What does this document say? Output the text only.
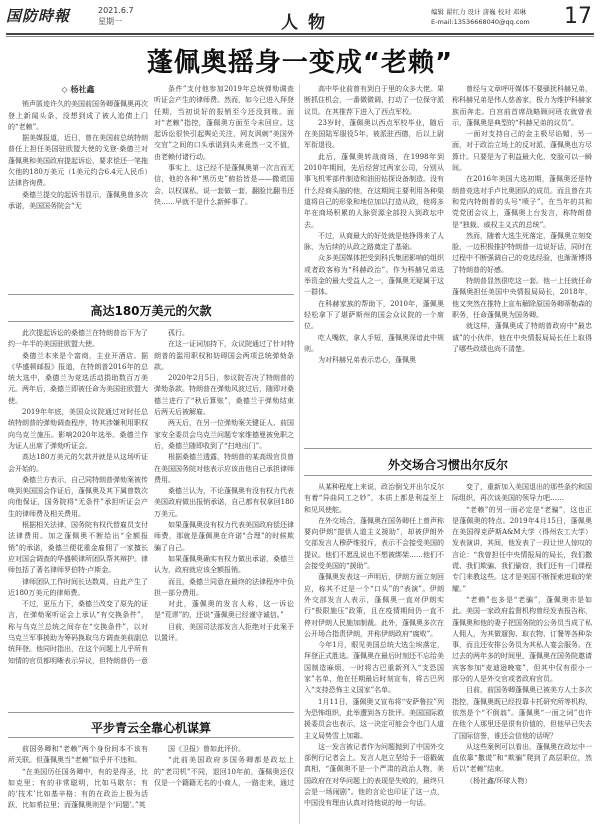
国防時報	2021.6.7
星期一	人物
编辑 翟红力 设计 唐巍 校对 邓琳
E-mail:13536668040@qq.com 17
蓬佩奥摇身一变成“老赖”

◇ 杨社鑫

销声匿迹许久的美国前国务卿蓬佩奥再次登上新闻头条，没想到成了被人追债上门的“老赖”。

据美媒报道，近日，曾在美国前总统特朗普任上担任美国驻欧盟大使的戈登·桑德兰对蓬佩奥和美国政府提起诉讼，要求偿还一笔拖欠他的180万美元（1美元约合6.4元人民币）法律咨询费。

桑德兰提交的起诉书显示，蓬佩奥曾多次承诺，美国国务院会“无

条件”支付他参加2019年总统弹劾调查听证会产生的律师费。然而，如今已进入拜登任期，当初说好的报销至今还没到账。面对“老赖”指控，蓬佩奥方面至今未回应。这起诉讼很快引起舆论关注，网友讽刺“美国外交官”之间的口头承诺到头来竟然一文不值，由老赖付诸行动。

事实上，这已经不是蓬佩奥第一次言而无信，他的各种“黑历史”俯拾皆是——撒谎国会，以权谋私，说一套做一套，翻脸比翻书还快……早就不是什么新鲜事了。

高达180万美元的欠款

此次提起诉讼的桑德兰在特朗普治下为了约一年半的美国驻欧盟大使。

桑德兰本来是个富商，主业开酒店。据《华盛顿邮报》报道，在特朗普2016年的总统大选中，桑德兰为竞选活动捐助数百万美元。两年后，桑德兰即被任命为美国驻欧盟大使。

2019年年底，美国众议院通过对时任总统特朗普的弹劾调查程序，特其涉嫌利用职权向乌克兰施压。影响2020年选举。桑德兰作为证人出席了弹劾听证会。

高达180万美元的欠款并就是从这场听证会开始的。

桑德兰方表示，自己同特朗普弹劾案被传唤到美国国会作证后，蓬佩奥及其下属曾数次向他保证，国务院将“无条件”承担听证会产生的律师费及相关费用。

根据相关法律，国务院有权代替雇员支付法律费用。加之蓬佩奥不断给出“全额报销”的承诺，桑德兰便花重金雇佣了一家擅长应对国会调查的华盛顿律所团队帮其辩护。律师包括了著名律师罗伯特·卢斯金。

律师团队工作时间长达数周，自此产生了近180万美元的律师费。

不过，更压力下，桑德兰改变了原先的证言，在弹劾案听证会上承认“有交换条件”，称与乌克兰总统之间存在“交换条件”，以对乌克兰军事援助为筹码换取乌方调查美前副总统拜登。他同时指出，在这个问题上儿乎所有知情的官员都明晰表示异议，但特朗普仍一意

孤行。

在这一证词加持下，众议院通过了针对特朗普的滥用职权和妨碍国会两项总统弹劾条款。

2020年2月5日，参议院否决了特朗普的弹劾条款。特朗普在弹劾风波过后，随即对桑德兰进行了“秋后算账”，桑德兰于弹劾结束后两天后被解雇。

两天后，在另一位弹劾案关键证人、前国家安全委员会乌克兰问题专家维德曼被免职之后，桑德兰随即收到了“扫地出门”。

根据桑德兰透露，特朗普的某高级官员曾在美国国务院对他表示应该由他自己承担律师费用。

桑德兰认为，不论蓬佩奥有没有权力代表美国政府做出报销承诺，自己都有权拿回180万美元。

如果蓬佩奥没有权力代表美国政府偿还律师费，那就是蓬佩奥在许诺“合理”的时候欺骗了自己。

如果蓬佩奥确实有权力做出承诺，桑德兰认为，政府就应该全额报销。

而且，桑德兰同意在最终的法律程序中负担一部分费用。

对此，蓬佩奥的发言人称，这一诉讼是“荒谬”的，还说“蓬佩奥已经谨守诚信。”

目前，美国司法部发言人拒绝对于此案予以置评。

平步青云全靠心机谋算

前国务卿和“老赖”两个身份间本不该有所关联。但蓬佩奥当“老赖”似乎并不违和。

“在美国历任国务卿中，有的是得圣，比如克里；有的非常聪明，比如马歇尔；有的‘技术’比如基辛格；有的在政治上极为活跃，比如希拉里；而蓬佩奥则是个‘问题’。”英

国《卫报》曾如此评价。

“此前美国政府多国务卿都是政坛上的“老司机”不同，退回10年前，蓬佩奥还仅仅是一个籍籍无名的小商人，一路走来，通过

高中毕业前曾有到白于里的众多大佬。果断抓住机会，一番微微调，打动了一位保守派议员。在其推荐下进入了西点军校。

23岁时，蓬佩奥以西点军校毕业，随后在美国陆军服役5年。被派驻西德，后以上尉军衔退役。

此后，蓬佩奥转战商场，在1998年到2010年期间，先后经营过两家公司，分别从事飞机零部件制造和油田钻探设备制造。没有什么经商头脑的他，在这期间主要利用各种渠道将自己的形象和地位加以打造从政，他将多年在商场积累的人脉资源全部投入到政坛中去。

不过，从商最大的好处就是他挣得来了人脉，为后续的从政之路奠定了基础。

众多美国媒体把受到科氏集团影响的组织或者政客称为“科赫政治”。作为科赫兄弟选举资金的最大受益人之一，蓬佩奥无疑属于这一群体。

在科赫家族的帮助下，2010年，蓬佩奥轻松拿下了堪萨斯州的国会众议院的一个席位。

吃人嘴软，拿人手短，蓬佩奥深谙此中规则。

为对科赫兄弟表示忠心，蓬佩奥

曾经与文章呼吁媒体不要骚扰科赫兄弟，称科赫兄弟是伟人慈善家，极力为维护科赫家族而奔走。白宫前首席战略顾问班农就曾表示，蓬佩奥是典型的“科赫兄弟的议员”。

一面对支持自己的金主极尽谄媚，另一面，对于政治立场上的反对派，蓬佩奥也方尽算计。只要是为了利益最大化，变脸可以一瞬间。

在2016年美国大选初期，蓬佩奥还是特朗普竞选对手卢比奥团队的成员。而且曾在共和党内特朗普的头号“喷子”。在当年的共和党党团会议上，蓬佩奥上台发言，称特朗普是“独裁、威权主义式的总统”。

然而，随着大选生死落定，蓬佩奥立刻变脸，一边积极推护特朗普一边说好话，同时在过程中不断强调自己的竞选经验，也渐渐博得了特朗普的好感。

特朗普显然很吃这一套。他一上任就任命蓬佩奥担任美国中央情报局局长，2018年，他又突然在推特上宣布解除原国务卿蒂勒森的职务，任命蓬佩奥为国务卿。

就这样，蓬佩奥成了特朗普政府中“最忠诚”的小伙伴，他在中央情报局局长任上取得了哪些政绩也尚不清楚。

外交场合习惯出尔反尔

从某种程度上来说，政治倒戈并出尔反尔有着“异曲同工之妙”，本质上都是利益至上和见风使舵。

在外交场合，蓬佩奥在国务卿任上曾声称要向伊朗“提供人道主义援助”，却被伊朗外交部发言人穆萨维驳斥，表示不会接受美国的提议。他们不愿乱说也不想被绑架……他们不会接受美国的“援助”。

蓬佩奥发表这一声明后，伊朗方面立刻回应，称其不过是一个“口头”的“表演”。伊朗外交部发言人表示，蓬佩奥一直对伊朗实行“极限施压”政策，且在疫情期间仍一直不停对伊朗人民施加制裁。此外，蓬佩奥多次在公开场合指责伊朗，并称伊朗政府“腐败”。

今年1月，眼见美国总统大选尘埃落定，拜登正式胜选。蓬佩奥在最后时刻还不忘给美国制造麻烦，一时将古巴重新列入“支恐国家”名单，他在任期最后时刻宣布，将古巴列入“支持恐怖主义国家”名单。

1月11日，蓬佩奥又宣布将“安萨鲁拉”列为恐怖组织，此举遭到各方批评。美国国际救援委员会也表示，这一决定可能会令也门人道主义局势雪上加霜。

这一发言被记者作为问题抛到了中国外交部例行记者会上。发言人赵立坚给予一语戳破真相，“蓬佩奥不是一个严肃的政治人物，美国政府在对华问题上的表现是失败的，最终只会是一场闹剧”。他的言论也印证了这一点，中国没有理由认真对待他说的每一句话。

变了，重新加入美国退出的那些条约和国际组织，再次谈美国的领导力吧……

“老赖”的另一面必定是“老骗”，这也正是蓬佩奥的特点。2019年4月15日，蓬佩奥在美国得克萨斯A&M大学（得州农工大学）发表演讲，其间，他发表了一段让世人惊叹的言论：“我曾担任中央情报局的局长，我们撒谎、我们欺骗、我们偷窃，我们还有一门课程专门来教这些。这才是美国不断探索进取的荣耀。”

“老赖”也多是“老骗”，蓬佩奥亦是如此。美国一家政府监督机构曾经发表报告称，蓬佩奥和他的妻子把国务院的公务员当成了私人佣人，为其做遛狗、取衣物、订餐等各种杂事，而且还安排公务员为其私人宴会服务。在过去的两年多的时间里，蓬佩奥在国务院邀请宾客参加“麦迪逊晚宴”，但其中仅有很小一部分的人是外交官或者政府官员。

目前，前国务卿蓬佩奥已被美方人士多次指控，蓬佩奥既已经投靠卡托研究所等机构，依然是个“不倒翁”。蓬佩奥“一面之词”也许在他个人那里还是很有价值的，但他早已失去了国际信誉，谁还会信他的话呢？

从这些案例可以看出，蓬佩奥在政坛中一直依靠“撒谎”和“欺骗”爬到了高层职位，然后以“老赖”结束。

（杨社鑫/环球人物）
